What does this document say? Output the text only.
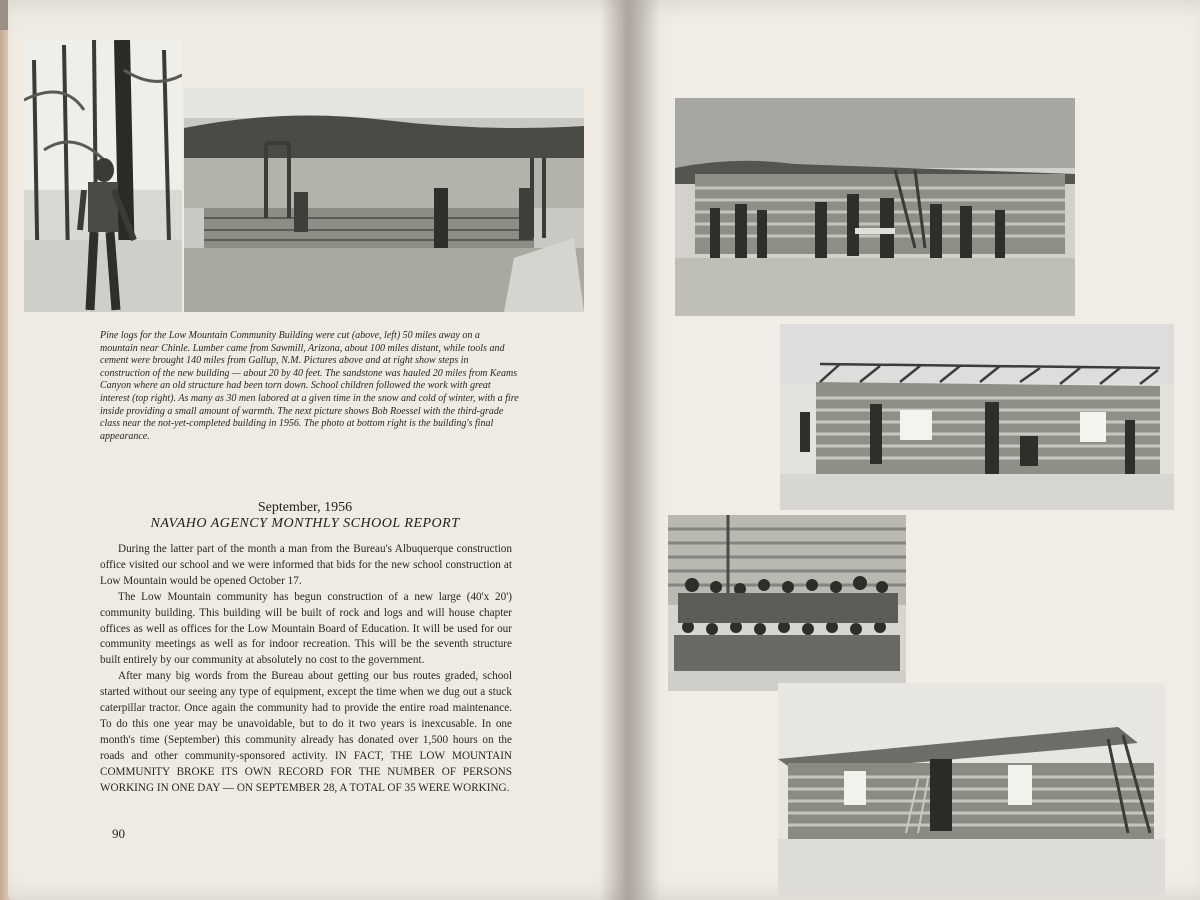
Pine logs for the Low Mountain Community Building were cut (above, left) 50 miles away on a mountain near Chinle. Lumber came from Sawmill, Arizona, about 100 miles distant, while tools and cement were brought 140 miles from Gallup, N.M. Pictures above and at right show steps in construction of the new building — about 20 by 40 feet. The sandstone was hauled 20 miles from Keams Canyon where an old structure had been torn down. School children followed the work with great interest (top right). As many as 30 men labored at a given time in the snow and cold of winter, with a fire inside providing a small amount of warmth. The next picture shows Bob Roessel with the third-grade class near the not-yet-completed building in 1956. The photo at bottom right is the building's final appearance.
September, 1956
NAVAHO AGENCY MONTHLY SCHOOL REPORT

During the latter part of the month a man from the Bureau's Albuquerque construction office visited our school and we were informed that bids for the new school construction at Low Mountain would be opened October 17.

The Low Mountain community has begun construction of a new large (40'x 20') community building. This building will be built of rock and logs and will house chapter offices as well as offices for the Low Mountain Board of Education. It will be used for our community meetings as well as for indoor recreation. This will be the seventh structure built entirely by our community at absolutely no cost to the government.

After many big words from the Bureau about getting our bus routes graded, school started without our seeing any type of equipment, except the time when we dug out a stuck caterpillar tractor. Once again the community had to provide the entire road maintenance. To do this one year may be unavoidable, but to do it two years is inexcusable. In one month's time (September) this community already has donated over 1,500 hours on the roads and other community-sponsored activity. IN FACT, THE LOW MOUNTAIN COMMUNITY BROKE ITS OWN RECORD FOR THE NUMBER OF PERSONS WORKING IN ONE DAY — ON SEPTEMBER 28, A TOTAL OF 35 WERE WORKING.

90
